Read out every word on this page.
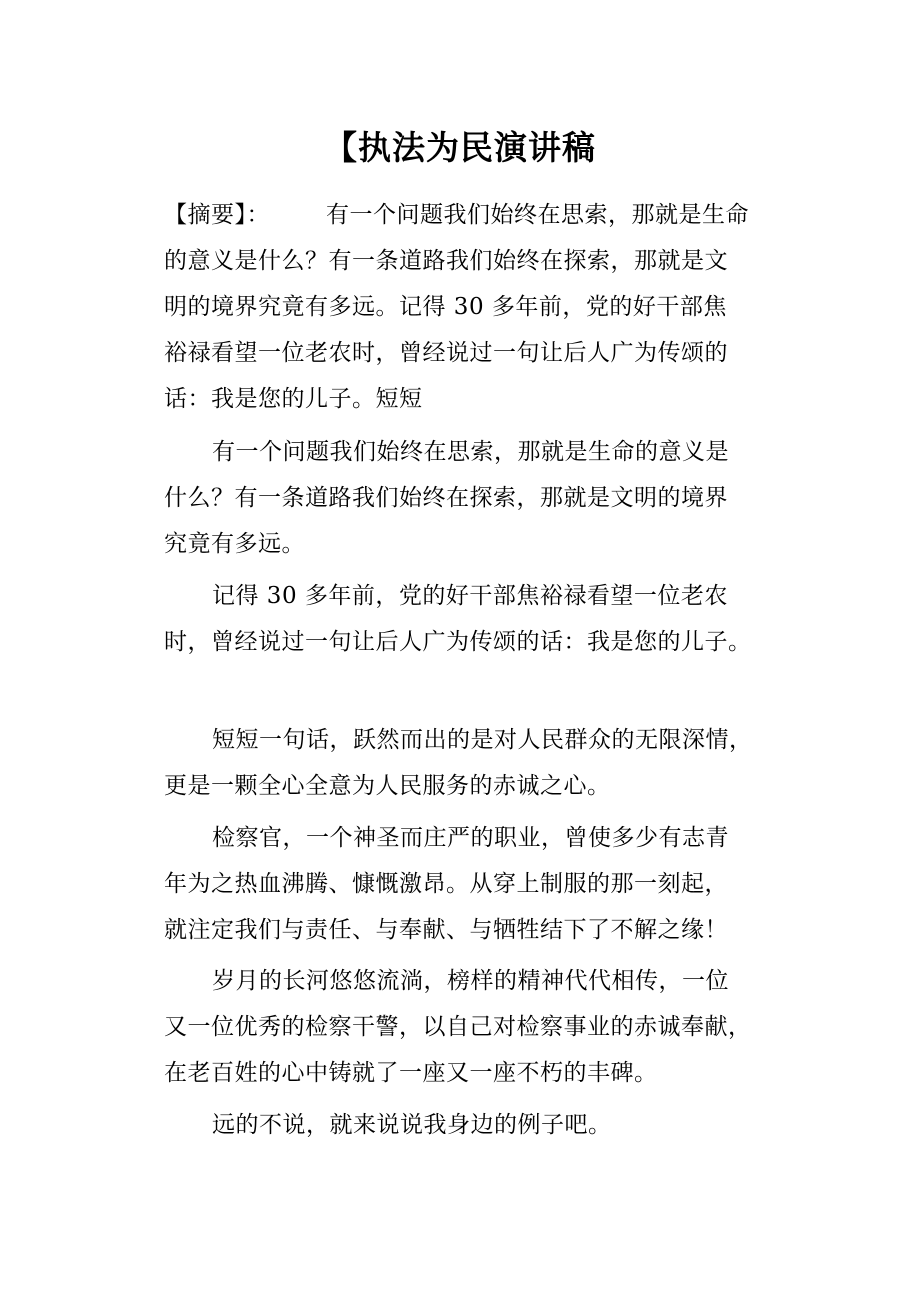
【执法为民演讲稿
【摘要】： 有一个问题我们始终在思索，那就是生命
的意义是什么？有一条道路我们始终在探索，那就是文
明的境界究竟有多远。记得 30 多年前，党的好干部焦
裕禄看望一位老农时，曾经说过一句让后人广为传颂的
话：我是您的儿子。短短
有一个问题我们始终在思索，那就是生命的意义是
什么？有一条道路我们始终在探索，那就是文明的境界
究竟有多远。
记得 30 多年前，党的好干部焦裕禄看望一位老农
时，曾经说过一句让后人广为传颂的话：我是您的儿子。
短短一句话，跃然而出的是对人民群众的无限深情，
更是一颗全心全意为人民服务的赤诚之心。
检察官，一个神圣而庄严的职业，曾使多少有志青
年为之热血沸腾、慷慨激昂。从穿上制服的那一刻起，
就注定我们与责任、与奉献、与牺牲结下了不解之缘！
岁月的长河悠悠流淌，榜样的精神代代相传，一位
又一位优秀的检察干警，以自己对检察事业的赤诚奉献，
在老百姓的心中铸就了一座又一座不朽的丰碑。
远的不说，就来说说我身边的例子吧。
